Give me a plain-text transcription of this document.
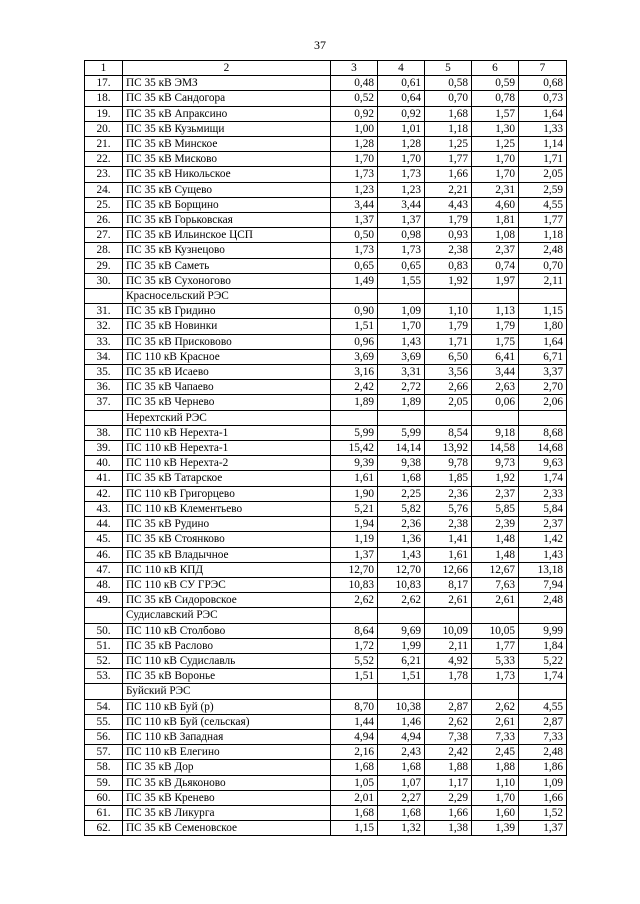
37
1	2	3	4	5	6	7
17.	ПС 35 кВ ЭМЗ	0,48	0,61	0,58	0,59	0,68
18.	ПС 35 кВ Сандогора	0,52	0,64	0,70	0,78	0,73
19.	ПС 35 кВ Апраксино	0,92	0,92	1,68	1,57	1,64
20.	ПС 35 кВ Кузьмищи	1,00	1,01	1,18	1,30	1,33
21.	ПС 35 кВ Минское	1,28	1,28	1,25	1,25	1,14
22.	ПС 35 кВ Мисково	1,70	1,70	1,77	1,70	1,71
23.	ПС 35 кВ Никольское	1,73	1,73	1,66	1,70	2,05
24.	ПС 35 кВ Сущево	1,23	1,23	2,21	2,31	2,59
25.	ПС 35 кВ Борщино	3,44	3,44	4,43	4,60	4,55
26.	ПС 35 кВ Горьковская	1,37	1,37	1,79	1,81	1,77
27.	ПС 35 кВ Ильинское ЦСП	0,50	0,98	0,93	1,08	1,18
28.	ПС 35 кВ Кузнецово	1,73	1,73	2,38	2,37	2,48
29.	ПС 35 кВ Саметь	0,65	0,65	0,83	0,74	0,70
30.	ПС 35 кВ Сухоногово	1,49	1,55	1,92	1,97	2,11
	Красносельский РЭС					
31.	ПС 35 кВ Гридино	0,90	1,09	1,10	1,13	1,15
32.	ПС 35 кВ Новинки	1,51	1,70	1,79	1,79	1,80
33.	ПС 35 кВ Присковово	0,96	1,43	1,71	1,75	1,64
34.	ПС 110 кВ Красное	3,69	3,69	6,50	6,41	6,71
35.	ПС 35 кВ Исаево	3,16	3,31	3,56	3,44	3,37
36.	ПС 35 кВ Чапаево	2,42	2,72	2,66	2,63	2,70
37.	ПС 35 кВ Чернево	1,89	1,89	2,05	0,06	2,06
	Нерехтский РЭС					
38.	ПС 110 кВ Нерехта-1	5,99	5,99	8,54	9,18	8,68
39.	ПС 110 кВ Нерехта-1	15,42	14,14	13,92	14,58	14,68
40.	ПС 110 кВ Нерехта-2	9,39	9,38	9,78	9,73	9,63
41.	ПС 35 кВ Татарское	1,61	1,68	1,85	1,92	1,74
42.	ПС 110 кВ Григорцево	1,90	2,25	2,36	2,37	2,33
43.	ПС 110 кВ Клементьево	5,21	5,82	5,76	5,85	5,84
44.	ПС 35 кВ Рудино	1,94	2,36	2,38	2,39	2,37
45.	ПС 35 кВ Стоянково	1,19	1,36	1,41	1,48	1,42
46.	ПС 35 кВ Владычное	1,37	1,43	1,61	1,48	1,43
47.	ПС 110 кВ КПД	12,70	12,70	12,66	12,67	13,18
48.	ПС 110 кВ СУ ГРЭС	10,83	10,83	8,17	7,63	7,94
49.	ПС 35 кВ Сидоровское	2,62	2,62	2,61	2,61	2,48
	Судиславский РЭС					
50.	ПС 110 кВ Столбово	8,64	9,69	10,09	10,05	9,99
51.	ПС 35 кВ Раслово	1,72	1,99	2,11	1,77	1,84
52.	ПС 110 кВ Судиславль	5,52	6,21	4,92	5,33	5,22
53.	ПС 35 кВ Воронье	1,51	1,51	1,78	1,73	1,74
	Буйский РЭС					
54.	ПС 110 кВ Буй (р)	8,70	10,38	2,87	2,62	4,55
55.	ПС 110 кВ Буй (сельская)	1,44	1,46	2,62	2,61	2,87
56.	ПС 110 кВ Западная	4,94	4,94	7,38	7,33	7,33
57.	ПС 110 кВ Елегино	2,16	2,43	2,42	2,45	2,48
58.	ПС 35 кВ Дор	1,68	1,68	1,88	1,88	1,86
59.	ПС 35 кВ Дьяконово	1,05	1,07	1,17	1,10	1,09
60.	ПС 35 кВ Кренево	2,01	2,27	2,29	1,70	1,66
61.	ПС 35 кВ Ликурга	1,68	1,68	1,66	1,60	1,52
62.	ПС 35 кВ Семеновское	1,15	1,32	1,38	1,39	1,37
